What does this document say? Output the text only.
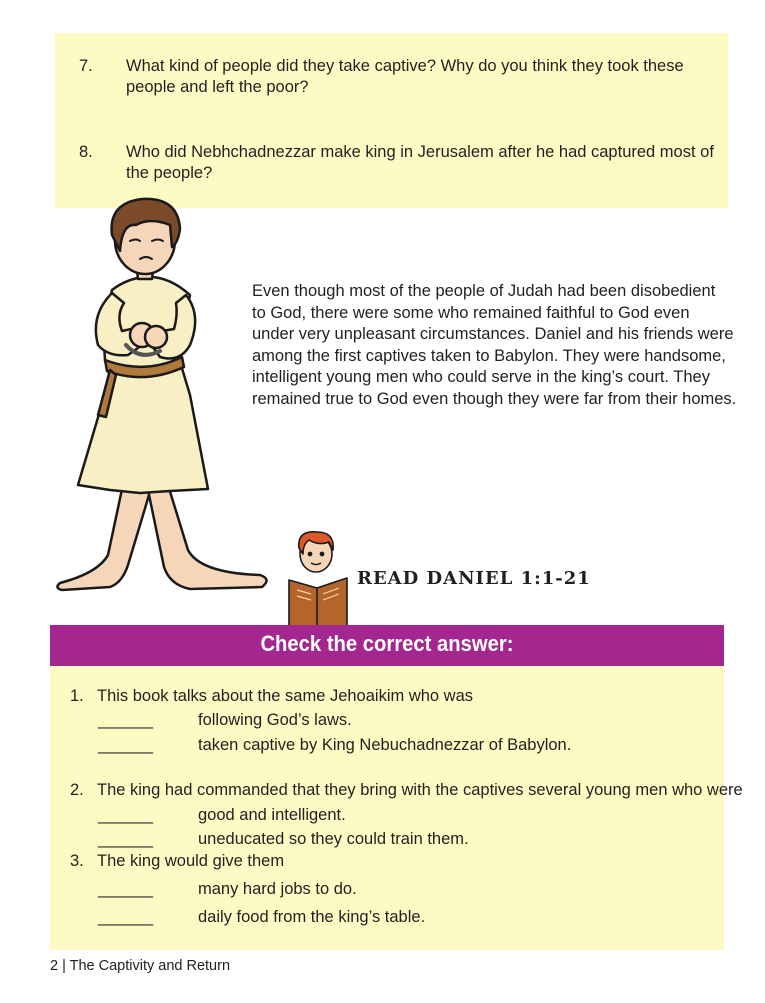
7. What kind of people did they take captive? Why do you think they took these people and left the poor?
8. Who did Nebhchadnezzar make king in Jerusalem after he had captured most of the people?
Even though most of the people of Judah had been disobedient
to God, there were some who remained faithful to God even
under very unpleasant circumstances. Daniel and his friends were
among the first captives taken to Babylon. They were handsome,
intelligent young men who could serve in the king’s court. They
remained true to God even though they were far from their homes.
READ DANIEL 1:1-21
Check the correct answer:
1. This book talks about the same Jehoaikim who was
______	following God’s laws.
______	taken captive by King Nebuchadnezzar of Babylon.
2. The king had commanded that they bring with the captives several young men who were
______	good and intelligent.
______	uneducated so they could train them.
3. The king would give them
______	many hard jobs to do.
______	daily food from the king’s table.
2 | The Captivity and Return
